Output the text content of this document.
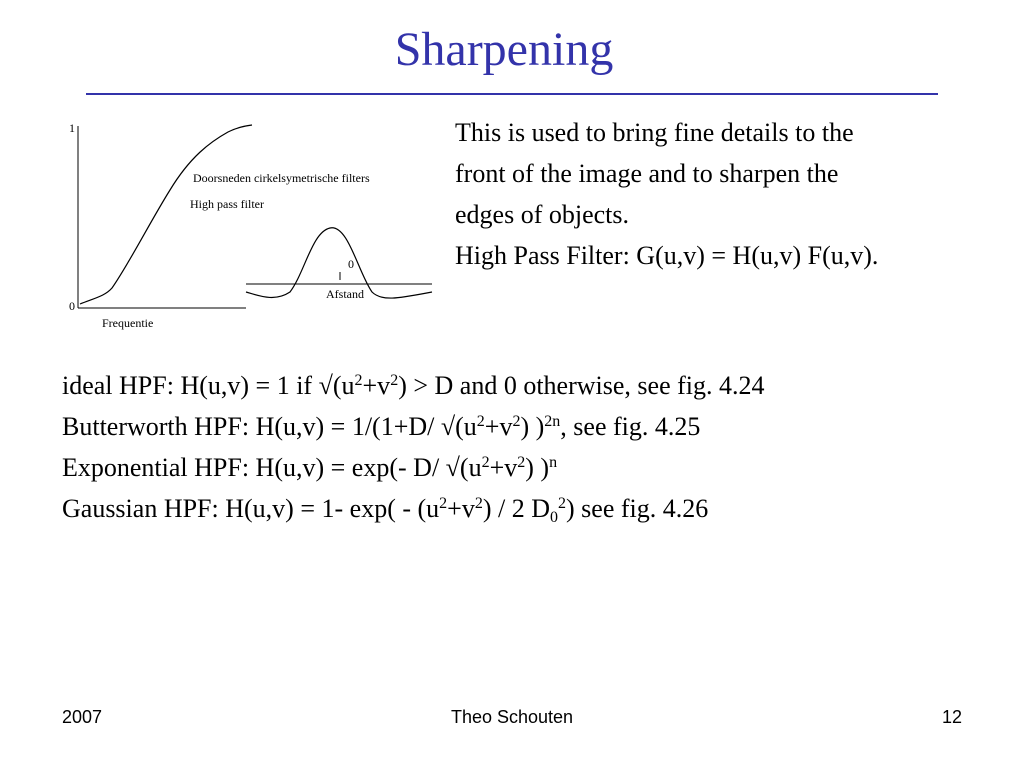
Sharpening
1
0
Frequentie
Doorsneden cirkelsymetrische filters
High pass filter
0
Afstand
This is used to bring fine details to the
front of the image and to sharpen the
edges of objects.
High Pass Filter: G(u,v) = H(u,v) F(u,v).
ideal HPF: H(u,v) = 1 if $√(u^2+v^2) > D$ and 0 otherwise, see fig. 4.24
Butterworth HPF: H(u,v) = 1/(1+D/ $√(u^2+v^2)$ )$^{2n}$, see fig. 4.25
Exponential HPF: H(u,v) = exp(- D/ $√(u^2+v^2)$ )$^n$
Gaussian HPF: H(u,v) = 1- $\exp( - (u^2+v^2) / 2$ $D_0^2$) see fig. 4.26
2007	Theo Schouten	12
